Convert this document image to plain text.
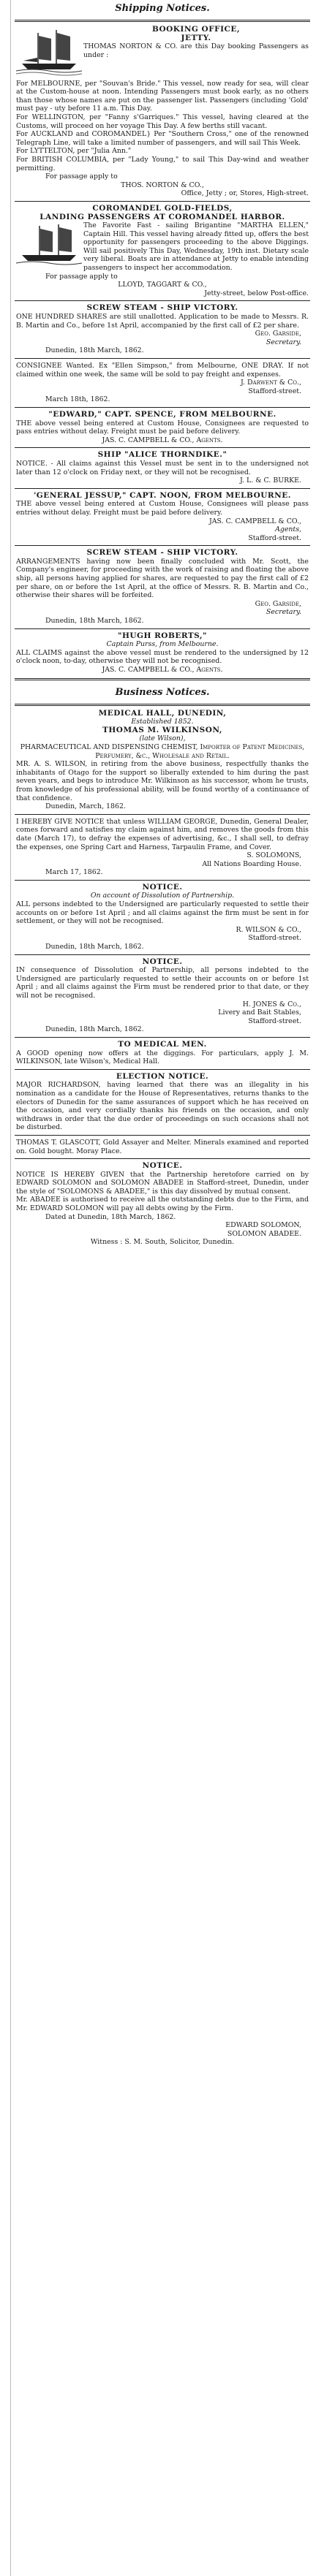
Shipping Notices.

BOOKING OFFICE,

JETTY.

THOMAS NORTON & CO. are this Day booking Passengers as under :

For MELBOURNE, per "Souvan's Bride." This vessel, now ready for sea, will clear at the Custom-house at noon. Intending Passengers must book early, as no others than those whose names are put on the passenger list. Passengers (including 'Gold' must pay - uty before 11 a.m. This Day.

For WELLINGTON, per "Fanny s'Garriques." This vessel, having cleared at the Customs, will proceed on her voyage This Day. A few berths still vacant.

For AUCKLAND and COROMANDEL} Per "Southern Cross," one of the renowned Telegraph Line, will take a limited number of passengers, and will sail This Week.

For LYTTELTON, per "Julia Ann."

For BRITISH COLUMBIA, per "Lady Young," to sail This Day-wind and weather permitting.

For passage apply to

THOS. NORTON & CO.,

Office, Jetty ; or, Stores, High-street.

COROMANDEL GOLD-FIELDS,

LANDING PASSENGERS AT COROMANDEL HARBOR.

The Favorite Fast - sailing Brigantine "MARTHA ELLEN," Captain Hill. This vessel having already fitted up, offers the best opportunity for passengers proceeding to the above Diggings. Will sail positively This Day, Wednesday, 19th inst. Dietary scale very liberal. Boats are in attendance at Jetty to enable intending passengers to inspect her accommodation.

For passage apply to

LLOYD, TAGGART & CO.,

Jetty-street, below Post-office.

SCREW STEAM - SHIP VICTORY.

ONE HUNDRED SHARES are still unallotted. Application to be made to Messrs. R. B. Martin and Co., before 1st April, accompanied by the first call of £2 per share.

Geo. Garside,

Secretary.

Dunedin, 18th March, 1862.

CONSIGNEE Wanted. Ex "Ellen Simpson," from Melbourne, ONE DRAY. If not claimed within one week, the same will be sold to pay freight and expenses.

J. Darwent & Co.,

Stafford-street.

March 18th, 1862.

"EDWARD," CAPT. SPENCE, FROM MELBOURNE.

THE above vessel being entered at Custom House, Consignees are requested to pass entries without delay. Freight must be paid before delivery.

JAS. C. CAMPBELL & CO., Agents.

SHIP "ALICE THORNDIKE."

NOTICE. - All claims against this Vessel must be sent in to the undersigned not later than 12 o'clock on Friday next, or they will not be recognised.

J. L. & C. BURKE.

'GENERAL JESSUP," CAPT. NOON, FROM MELBOURNE.

THE above vessel being entered at Custom House, Consignees will please pass entries without delay. Freight must be paid before delivery.

JAS. C. CAMPBELL & CO.,

Agents,

Stafford-street.

SCREW STEAM - SHIP VICTORY.

ARRANGEMENTS having now been finally concluded with Mr. Scott, the Company's engineer, for proceeding with the work of raising and floating the above ship, all persons having applied for shares, are requested to pay the first call of £2 per share, on or before the 1st April, at the office of Messrs. R. B. Martin and Co., otherwise their shares will be forfeited.

Geo. Garside,

Secretary.

Dunedin, 18th March, 1862.

"HUGH ROBERTS,"

Captain Purss, from Melbourne.

ALL CLAIMS against the above vessel must be rendered to the undersigned by 12 o'clock noon, to-day, otherwise they will not be recognised.

JAS. C. CAMPBELL & CO., Agents.

Business Notices.

MEDICAL HALL, DUNEDIN,

Established 1852.

THOMAS M. WILKINSON,

(late Wilson),

PHARMACEUTICAL AND DISPENSING CHEMIST, Importer of Patent Medicines, Perfumery, &c., Wholesale and Retail.

MR. A. S. WILSON, in retiring from the above business, respectfully thanks the inhabitants of Otago for the support so liberally extended to him during the past seven years, and begs to introduce Mr. Wilkinson as his successor, whom he trusts, from knowledge of his professional ability, will be found worthy of a continuance of that confidence.

Dunedin, March, 1862.

I HEREBY GIVE NOTICE that unless WILLIAM GEORGE, Dunedin, General Dealer, comes forward and satisfies my claim against him, and removes the goods from this date (March 17), to defray the expenses of advertising, &c., I shall sell, to defray the expenses, one Spring Cart and Harness, Tarpaulin Frame, and Cover.

S. SOLOMONS,

All Nations Boarding House.

March 17, 1862.

NOTICE.

On account of Dissolution of Partnership.

ALL persons indebted to the Undersigned are particularly requested to settle their accounts on or before 1st April ; and all claims against the firm must be sent in for settlement, or they will not be recognised.

R. WILSON & CO.,

Stafford-street.

Dunedin, 18th March, 1862.

NOTICE.

IN consequence of Dissolution of Partnership, all persons indebted to the Undersigned are particularly requested to settle their accounts on or before 1st April ; and all claims against the Firm must be rendered prior to that date, or they will not be recognised.

H. JONES & Co.,

Livery and Bait Stables,

Stafford-street.

Dunedin, 18th March, 1862.

TO MEDICAL MEN.

A GOOD opening now offers at the diggings. For particulars, apply J. M. WILKINSON, late Wilson's, Medical Hall.

ELECTION NOTICE.

MAJOR RICHARDSON, having learned that there was an illegality in his nomination as a candidate for the House of Representatives, returns thanks to the electors of Dunedin for the same assurances of support which he has received on the occasion, and very cordially thanks his friends on the occasion, and only withdraws in order that the due order of proceedings on such occasions shall not be disturbed.

THOMAS T. GLASCOTT, Gold Assayer and Melter. Minerals examined and reported on. Gold bought. Moray Place.

NOTICE.

NOTICE IS HEREBY GIVEN that the Partnership heretofore carried on by EDWARD SOLOMON and SOLOMON ABADEE in Stafford-street, Dunedin, under the style of "SOLOMONS & ABADEE," is this day dissolved by mutual consent.

Mr. ABADEE is authorised to receive all the outstanding debts due to the Firm, and Mr. EDWARD SOLOMON will pay all debts owing by the Firm.

Dated at Dunedin, 18th March, 1862.

EDWARD SOLOMON,

SOLOMON ABADEE.

Witness : S. M. South, Solicitor, Dunedin.
